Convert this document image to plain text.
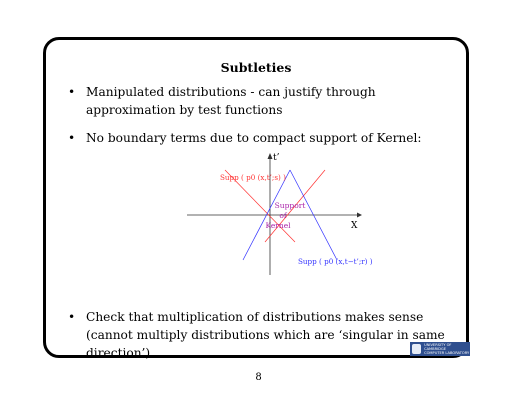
Subtleties
• Manipulated distributions - can justify through approximation by test functions
• No boundary terms due to compact support of Kernel:
• Check that multiplication of distributions makes sense (cannot multiply distributions which are ‘singular in same direction’)
t’
X
Supp ( p0 (x,t’;s) )
Supp ( p0 (x,t−t’;r) )
Support
of
Kernel
UNIVERSITY OF CAMBRIDGE
COMPUTER LABORATORY
8
